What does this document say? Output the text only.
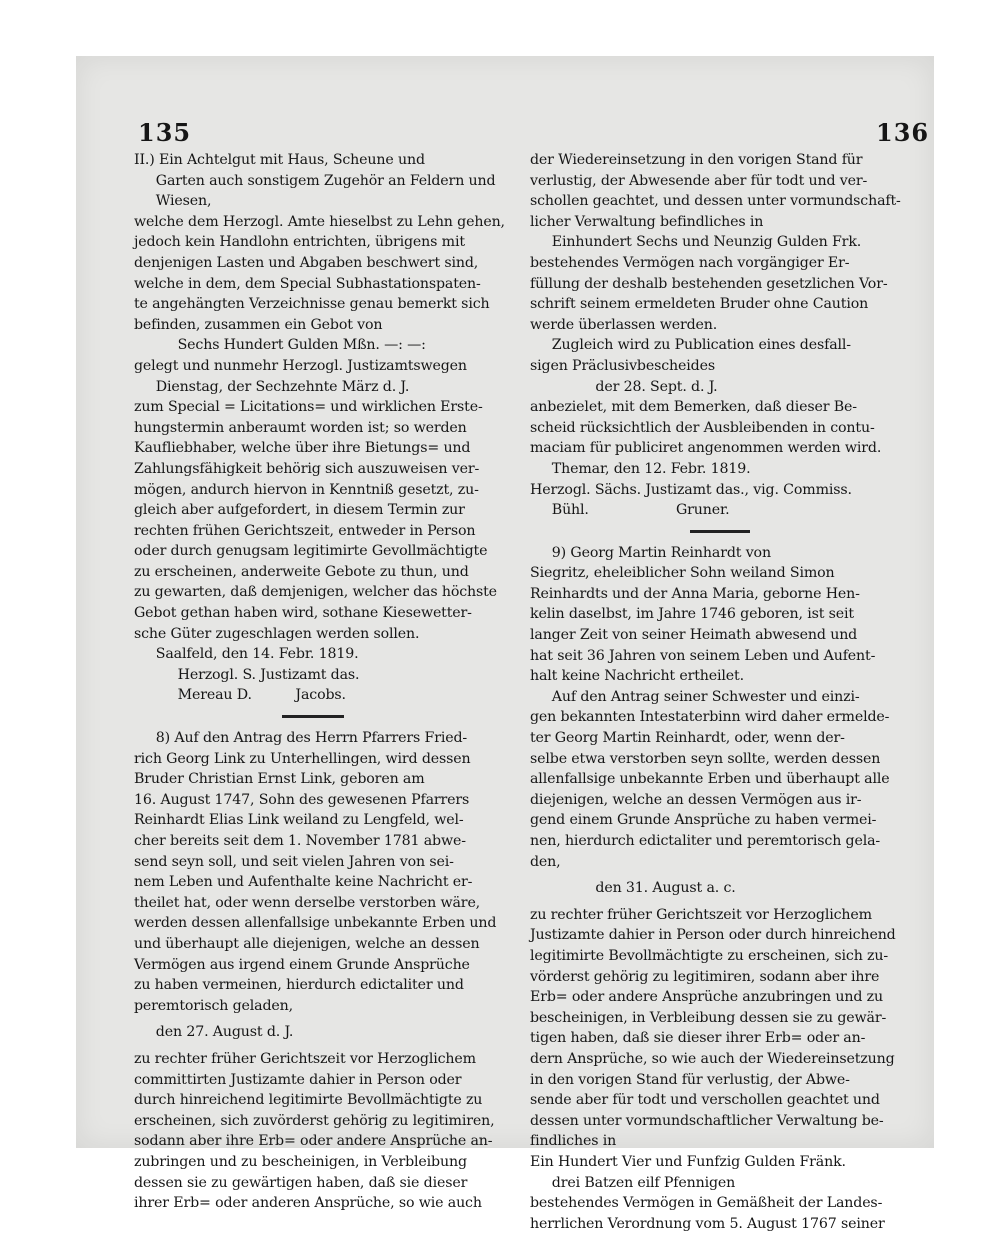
135	136

II.) Ein Achtelgut mit Haus, Scheune und

Garten auch sonstigem Zugehör an Feldern und

Wiesen,

welche dem Herzogl. Amte hieselbst zu Lehn gehen,

jedoch kein Handlohn entrichten, übrigens mit

denjenigen Lasten und Abgaben beschwert sind,

welche in dem, dem Special Subhastationspaten-

te angehängten Verzeichnisse genau bemerkt sich

befinden, zusammen ein Gebot von

Sechs Hundert Gulden Mßn. —: —:

gelegt und nunmehr Herzogl. Justizamtswegen

Dienstag, der Sechzehnte März d. J.

zum Special = Licitations= und wirklichen Erste-

hungstermin anberaumt worden ist; so werden

Kaufliebhaber, welche über ihre Bietungs= und

Zahlungsfähigkeit behörig sich auszuweisen ver-

mögen, andurch hiervon in Kenntniß gesetzt, zu-

gleich aber aufgefordert, in diesem Termin zur

rechten frühen Gerichtszeit, entweder in Person

oder durch genugsam legitimirte Gevollmächtigte

zu erscheinen, anderweite Gebote zu thun, und

zu gewarten, daß demjenigen, welcher das höchste

Gebot gethan haben wird, sothane Kiesewetter-

sche Güter zugeschlagen werden sollen.

Saalfeld, den 14. Febr. 1819.

Herzogl. S. Justizamt das.

Mereau D.          Jacobs.

8) Auf den Antrag des Herrn Pfarrers Fried-

rich Georg Link zu Unterhellingen, wird dessen

Bruder Christian Ernst Link, geboren am

16. August 1747, Sohn des gewesenen Pfarrers

Reinhardt Elias Link weiland zu Lengfeld, wel-

cher bereits seit dem 1. November 1781 abwe-

send seyn soll, und seit vielen Jahren von sei-

nem Leben und Aufenthalte keine Nachricht er-

theilet hat, oder wenn derselbe verstorben wäre,

werden dessen allenfallsige unbekannte Erben und

und überhaupt alle diejenigen, welche an dessen

Vermögen aus irgend einem Grunde Ansprüche

zu haben vermeinen, hierdurch edictaliter und

peremtorisch geladen,

den 27. August d. J.

zu rechter früher Gerichtszeit vor Herzoglichem

committirten Justizamte dahier in Person oder

durch hinreichend legitimirte Bevollmächtigte zu

erscheinen, sich zuvörderst gehörig zu legitimiren,

sodann aber ihre Erb= oder andere Ansprüche an-

zubringen und zu bescheinigen, in Verbleibung

dessen sie zu gewärtigen haben, daß sie dieser

ihrer Erb= oder anderen Ansprüche, so wie auch

der Wiedereinsetzung in den vorigen Stand für

verlustig, der Abwesende aber für todt und ver-

schollen geachtet, und dessen unter vormundschaft-

licher Verwaltung befindliches in

Einhundert Sechs und Neunzig Gulden Frk.

bestehendes Vermögen nach vorgängiger Er-

füllung der deshalb bestehenden gesetzlichen Vor-

schrift seinem ermeldeten Bruder ohne Caution

werde überlassen werden.

Zugleich wird zu Publication eines desfall-

sigen Präclusivbescheides

der 28. Sept. d. J.

anbezielet, mit dem Bemerken, daß dieser Be-

scheid rücksichtlich der Ausbleibenden in contu-

maciam für publiciret angenommen werden wird.

Themar, den 12. Febr. 1819.

Herzogl. Sächs. Justizamt das., vig. Commiss.

Bühl.                    Gruner.

9) Georg Martin Reinhardt von

Siegritz, eheleiblicher Sohn weiland Simon

Reinhardts und der Anna Maria, geborne Hen-

kelin daselbst, im Jahre 1746 geboren, ist seit

langer Zeit von seiner Heimath abwesend und

hat seit 36 Jahren von seinem Leben und Aufent-

halt keine Nachricht ertheilet.

Auf den Antrag seiner Schwester und einzi-

gen bekannten Intestaterbinn wird daher ermelde-

ter Georg Martin Reinhardt, oder, wenn der-

selbe etwa verstorben seyn sollte, werden dessen

allenfallsige unbekannte Erben und überhaupt alle

diejenigen, welche an dessen Vermögen aus ir-

gend einem Grunde Ansprüche zu haben vermei-

nen, hierdurch edictaliter und peremtorisch gela-

den,

den 31. August a. c.

zu rechter früher Gerichtszeit vor Herzoglichem

Justizamte dahier in Person oder durch hinreichend

legitimirte Bevollmächtigte zu erscheinen, sich zu-

vörderst gehörig zu legitimiren, sodann aber ihre

Erb= oder andere Ansprüche anzubringen und zu

bescheinigen, in Verbleibung dessen sie zu gewär-

tigen haben, daß sie dieser ihrer Erb= oder an-

dern Ansprüche, so wie auch der Wiedereinsetzung

in den vorigen Stand für verlustig, der Abwe-

sende aber für todt und verschollen geachtet und

dessen unter vormundschaftlicher Verwaltung be-

findliches in

Ein Hundert Vier und Funfzig Gulden Fränk.

drei Batzen eilf Pfennigen

bestehendes Vermögen in Gemäßheit der Landes-

herrlichen Verordnung vom 5. August 1767 seiner
